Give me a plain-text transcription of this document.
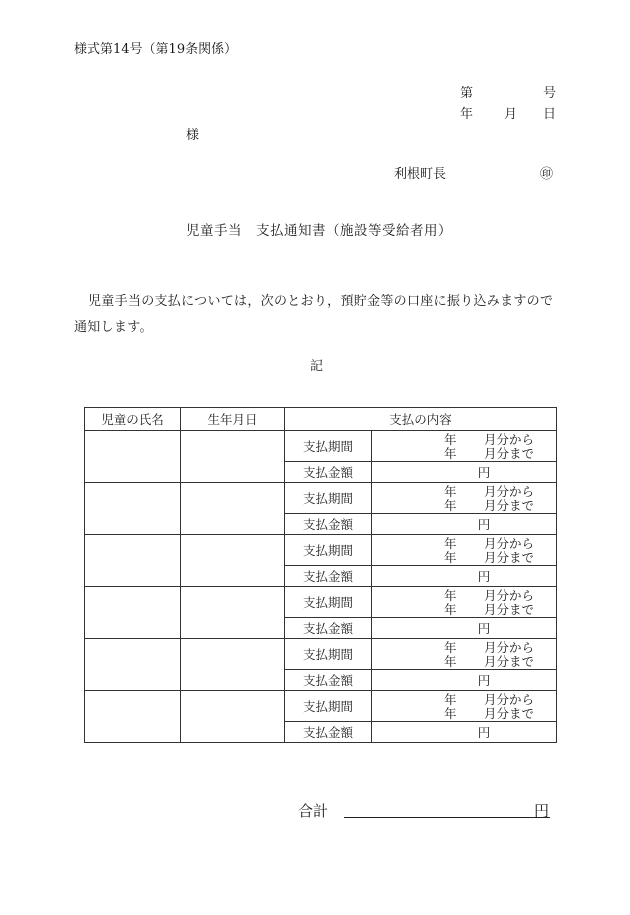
様式第14号（第19条関係）
第	号
年 月 日
様
利根町長	㊞
児童手当　支払通知書（施設等受給者用）
児童手当の支払については，次のとおり，預貯金等の口座に振り込みますので通知します。
記
児童の氏名	生年月日	支払の内容	
		支払期間	年 月分から
年 月分まで

		支払金額	円
		支払期間	年 月分から
年 月分まで

		支払金額	円
		支払期間	年 月分から
年 月分まで

		支払金額	円
		支払期間	年 月分から
年 月分まで

		支払金額	円
		支払期間	年 月分から
年 月分まで

		支払金額	円
		支払期間	年 月分から
年 月分まで

		支払金額	円
合計	円
